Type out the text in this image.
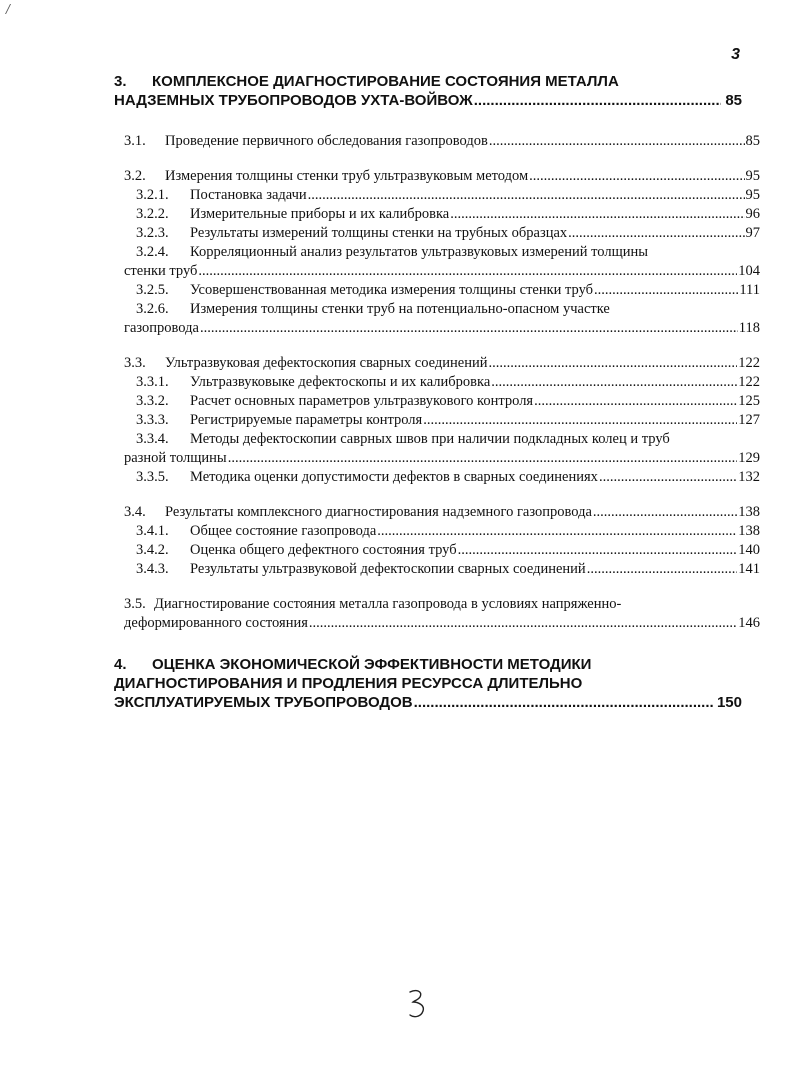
/
3
3. КОМПЛЕКСНОЕ ДИАГНОСТИРОВАНИЕ СОСТОЯНИЯ МЕТАЛЛА
НАДЗЕМНЫХ ТРУБОПРОВОДОВ УХТА-ВОЙВОЖ .....	85
3.1.	Проведение первичного обследования газопроводов .....	85
3.2.	Измерения толщины стенки труб ультразвуковым методом .....	95
3.2.1.	Постановка задачи .....	95
3.2.2.	Измерительные приборы и их калибровка .....	96
3.2.3.	Результаты измерений толщины стенки на трубных образцах .....	97
3.2.4. Корреляционный анализ результатов ультразвуковых измерений толщины
стенки труб .....	104
3.2.5.	Усовершенствованная методика измерения толщины стенки труб .....	111
3.2.6. Измерения толщины стенки труб на потенциально-опасном участке
газопровода .....	118
3.3.	Ультразвуковая дефектоскопия сварных соединений .....	122
3.3.1.	Ультразвуковыке дефектоскопы и их калибровка .....	122
3.3.2.	Расчет основных параметров ультразвукового контроля .....	125
3.3.3.	Регистрируемые параметры контроля .....	127
3.3.4. Методы дефектоскопии саврных швов при наличии подкладных колец и труб
разной толщины .....	129
3.3.5.	Методика оценки допустимости дефектов в сварных соединениях .....	132
3.4.	Результаты комплексного диагностирования надземного газопровода .....	138
3.4.1.	Общее состояние газопровода .....	138
3.4.2.	Оценка общего дефектного состояния труб .....	140
3.4.3.	Результаты ультразвуковой дефектоскопии сварных соединений .....	141
3.5. Диагностирование состояния металла газопровода в условиях напряженно-
деформированного состояния .....	146
4. ОЦЕНКА ЭКОНОМИЧЕСКОЙ ЭФФЕКТИВНОСТИ МЕТОДИКИ
ДИАГНОСТИРОВАНИЯ И ПРОДЛЕНИЯ РЕСУРССА ДЛИТЕЛЬНО
ЭКСПЛУАТИРУЕМЫХ ТРУБОПРОВОДОВ .....	150
